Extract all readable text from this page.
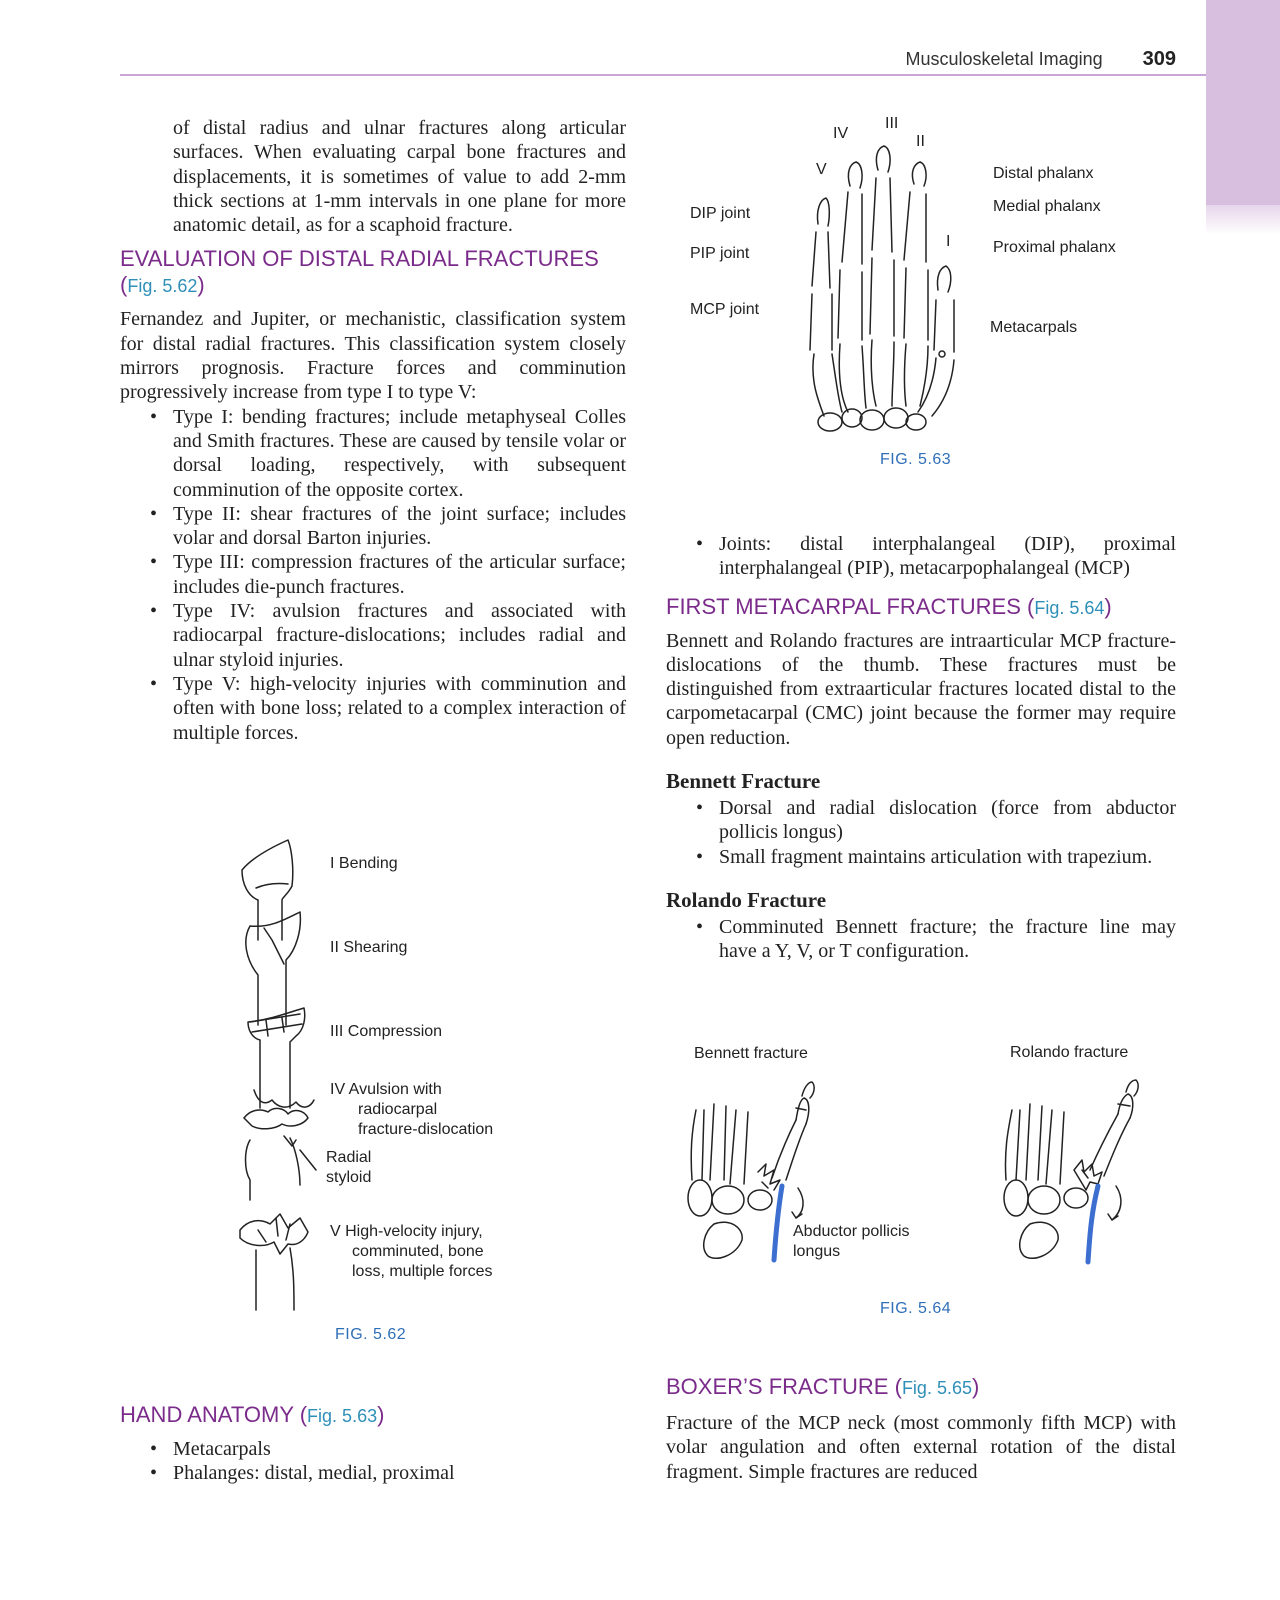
Musculoskeletal Imaging 309

of distal radius and ulnar fractures along articular surfaces. When evaluating carpal bone fractures and displacements, it is sometimes of value to add 2-mm thick sections at 1-mm intervals in one plane for more anatomic detail, as for a scaphoid fracture.

EVALUATION OF DISTAL RADIAL FRACTURES
(Fig. 5.62)

Fernandez and Jupiter, or mechanistic, classification system for distal radial fractures. This classification system closely mirrors prognosis. Fracture forces and comminution progressively increase from type I to type V:

• Type I: bending fractures; include metaphyseal Colles and Smith fractures. These are caused by tensile volar or dorsal loading, respectively, with subsequent comminution of the opposite cortex.
• Type II: shear fractures of the joint surface; includes volar and dorsal Barton injuries.
• Type III: compression fractures of the articular surface; includes die-punch fractures.
• Type IV: avulsion fractures and associated with radiocarpal fracture-dislocations; includes radial and ulnar styloid injuries.
• Type V: high-velocity injuries with comminution and often with bone loss; related to a complex interaction of multiple forces.
I Bending
II Shearing
III Compression
IV Avulsion with
radiocarpal
fracture-dislocation
Radial
styloid
V High-velocity injury,
comminuted, bone
loss, multiple forces
FIG. 5.62
HAND ANATOMY (Fig. 5.63)
• Metacarpals
• Phalanges: distal, medial, proximal
IV
III
II
V
I
DIP joint
PIP joint
MCP joint
Distal phalanx
Medial phalanx
Proximal phalanx
Metacarpals
FIG. 5.63
• Joints: distal interphalangeal (DIP), proximal interphalangeal (PIP), metacarpophalangeal (MCP)
FIRST METACARPAL FRACTURES (Fig. 5.64)

Bennett and Rolando fractures are intraarticular MCP fracture-dislocations of the thumb. These fractures must be distinguished from extraarticular fractures located distal to the carpometacarpal (CMC) joint because the former may require open reduction.

Bennett Fracture
• Dorsal and radial dislocation (force from abductor pollicis longus)
• Small fragment maintains articulation with trapezium.
Rolando Fracture
• Comminuted Bennett fracture; the fracture line may have a Y, V, or T configuration.
Bennett fracture	Rolando fracture
Abductor pollicis
longus
FIG. 5.64
BOXER’S FRACTURE (Fig. 5.65)

Fracture of the MCP neck (most commonly fifth MCP) with volar angulation and often external rotation of the distal fragment. Simple fractures are reduced
